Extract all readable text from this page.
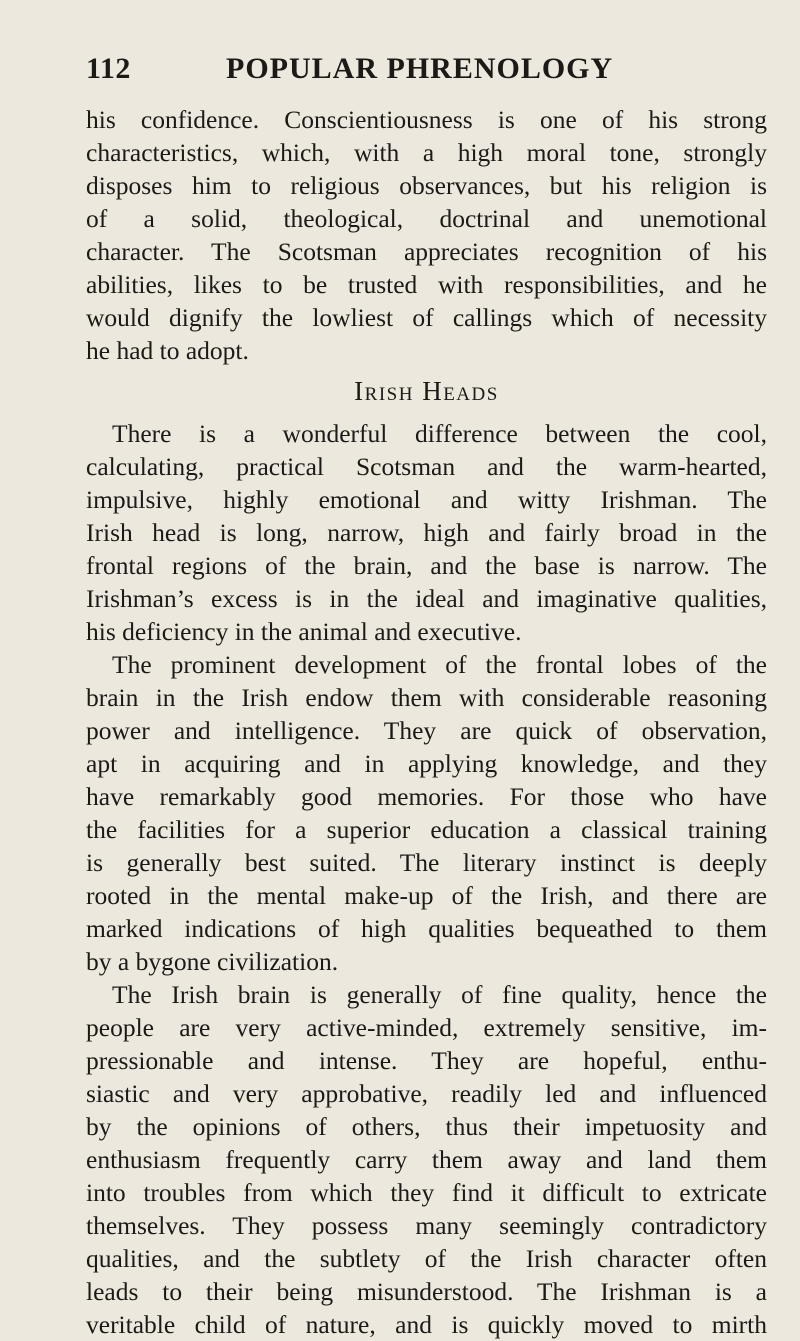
112	POPULAR PHRENOLOGY
his confidence. Conscientiousness is one of his strong
characteristics, which, with a high moral tone, strongly
disposes him to religious observances, but his religion is
of a solid, theological, doctrinal and unemotional
character. The Scotsman appreciates recognition of his
abilities, likes to be trusted with responsibilities, and he
would dignify the lowliest of callings which of necessity
he had to adopt.
Irish Heads
There is a wonderful difference between the cool,
calculating, practical Scotsman and the warm-hearted,
impulsive, highly emotional and witty Irishman. The
Irish head is long, narrow, high and fairly broad in the
frontal regions of the brain, and the base is narrow. The
Irishman’s excess is in the ideal and imaginative qualities,
his deficiency in the animal and executive.
The prominent development of the frontal lobes of the
brain in the Irish endow them with considerable reasoning
power and intelligence. They are quick of observation,
apt in acquiring and in applying knowledge, and they
have remarkably good memories. For those who have
the facilities for a superior education a classical training
is generally best suited. The literary instinct is deeply
rooted in the mental make-up of the Irish, and there are
marked indications of high qualities bequeathed to them
by a bygone civilization.
The Irish brain is generally of fine quality, hence the
people are very active-minded, extremely sensitive, im-
pressionable and intense. They are hopeful, enthu-
siastic and very approbative, readily led and influenced
by the opinions of others, thus their impetuosity and
enthusiasm frequently carry them away and land them
into troubles from which they find it difficult to extricate
themselves. They possess many seemingly contradictory
qualities, and the subtlety of the Irish character often
leads to their being misunderstood. The Irishman is a
veritable child of nature, and is quickly moved to mirth
